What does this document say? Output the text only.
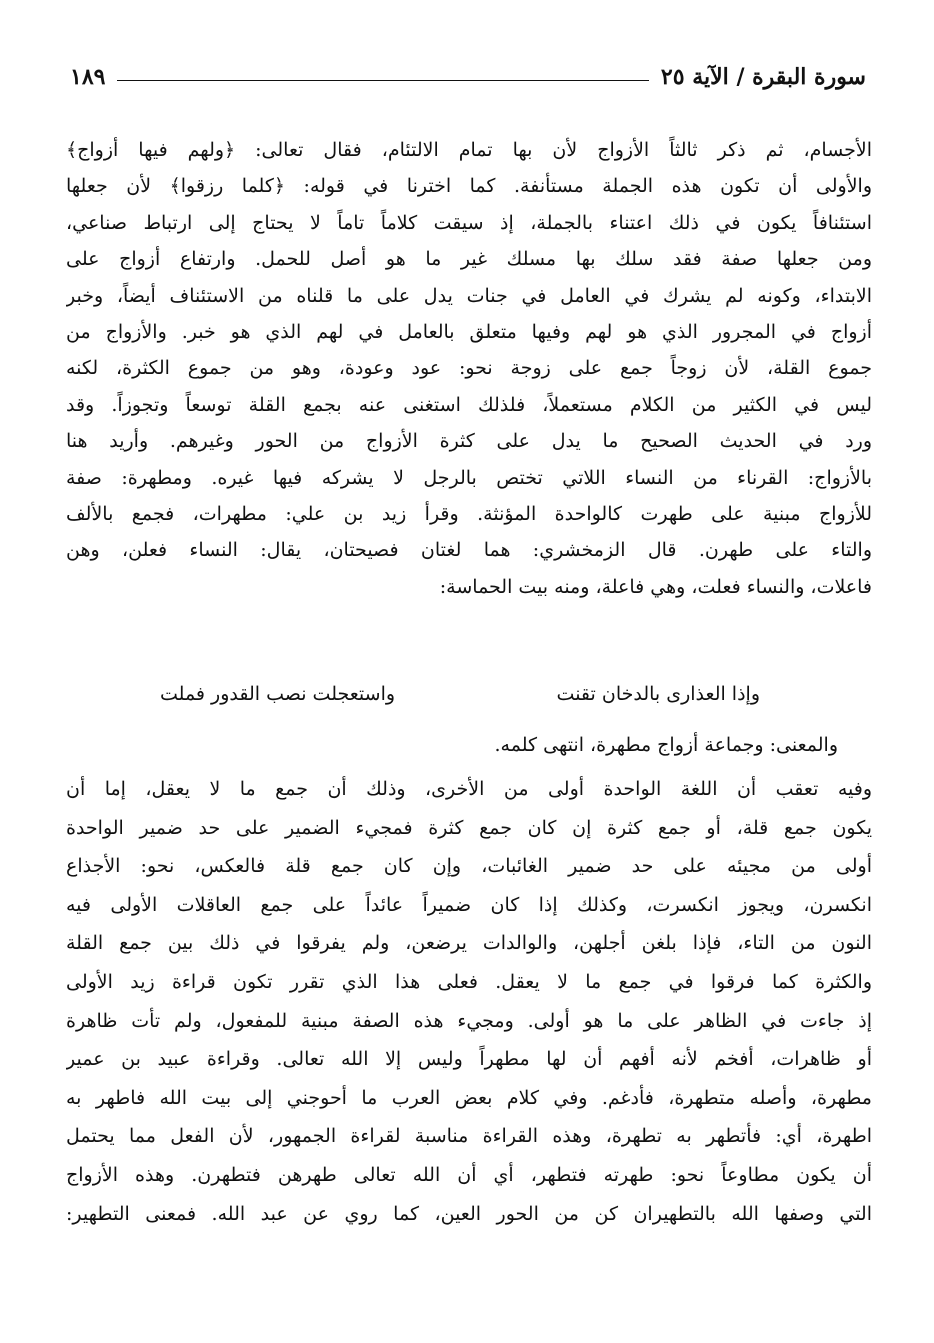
سورة البقرة / الآية ٢٥
١٨٩
الأجسام، ثم ذكر ثالثاً الأزواج لأن بها تمام الالتئام، فقال تعالى: ﴿ولهم فيها أزواج﴾
والأولى أن تكون هذه الجملة مستأنفة. كما اخترنا في قوله: ﴿كلما رزقوا﴾ لأن جعلها
استئنافاً يكون في ذلك اعتناء بالجملة، إذ سيقت كلاماً تاماً لا يحتاج إلى ارتباط صناعي،
ومن جعلها صفة فقد سلك بها مسلك غير ما هو أصل للحمل. وارتفاع أزواج على
الابتداء، وكونه لم يشرك في العامل في جنات يدل على ما قلناه من الاستئناف أيضاً، وخبر
أزواج في المجرور الذي هو لهم وفيها متعلق بالعامل في لهم الذي هو خبر. والأزواج من
جموع القلة، لأن زوجاً جمع على زوجة نحو: عود وعودة، وهو من جموع الكثرة، لكنه
ليس في الكثير من الكلام مستعملاً، فلذلك استغنى عنه بجمع القلة توسعاً وتجوزاً. وقد
ورد في الحديث الصحيح ما يدل على كثرة الأزواج من الحور وغيرهم. وأريد هنا
بالأزواج: القرناء من النساء اللاتي تختص بالرجل لا يشركه فيها غيره. ومطهرة: صفة
للأزواج مبنية على طهرت كالواحدة المؤنثة. وقرأ زيد بن علي: مطهرات، فجمع بالألف
والتاء على طهرن. قال الزمخشري: هما لغتان فصيحتان، يقال: النساء فعلن، وهن
فاعلات، والنساء فعلت، وهي فاعلة، ومنه بيت الحماسة:
وإذا العذارى بالدخان تقنت
واستعجلت نصب القدور فملت
والمعنى: وجماعة أزواج مطهرة، انتهى كلمه.
وفيه تعقب أن اللغة الواحدة أولى من الأخرى، وذلك أن جمع ما لا يعقل، إما أن
يكون جمع قلة، أو جمع كثرة إن كان جمع كثرة فمجيء الضمير على حد ضمير الواحدة
أولى من مجيئه على حد ضمير الغائبات، وإن كان جمع قلة فالعكس، نحو: الأجذاع
انكسرن، ويجوز انكسرت، وكذلك إذا كان ضميراً عائداً على جمع العاقلات الأولى فيه
النون من التاء، فإذا بلغن أجلهن، والوالدات يرضعن، ولم يفرقوا في ذلك بين جمع القلة
والكثرة كما فرقوا في جمع ما لا يعقل. فعلى هذا الذي تقرر تكون قراءة زيد الأولى
إذ جاءت في الظاهر على ما هو أولى. ومجيء هذه الصفة مبنية للمفعول، ولم تأت ظاهرة
أو ظاهرات، أفخم لأنه أفهم أن لها مطهراً وليس إلا الله تعالى. وقراءة عبيد بن عمير
مطهرة، وأصله متطهرة، فأدغم. وفي كلام بعض العرب ما أحوجني إلى بيت الله فاطهر به
اطهرة، أي: فأتطهر به تطهرة، وهذه القراءة مناسبة لقراءة الجمهور، لأن الفعل مما يحتمل
أن يكون مطاوعاً نحو: طهرته فتطهر، أي أن الله تعالى طهرهن فتطهرن. وهذه الأزواج
التي وصفها الله بالتطهيران كن من الحور العين، كما روي عن عبد الله. فمعنى التطهير:
